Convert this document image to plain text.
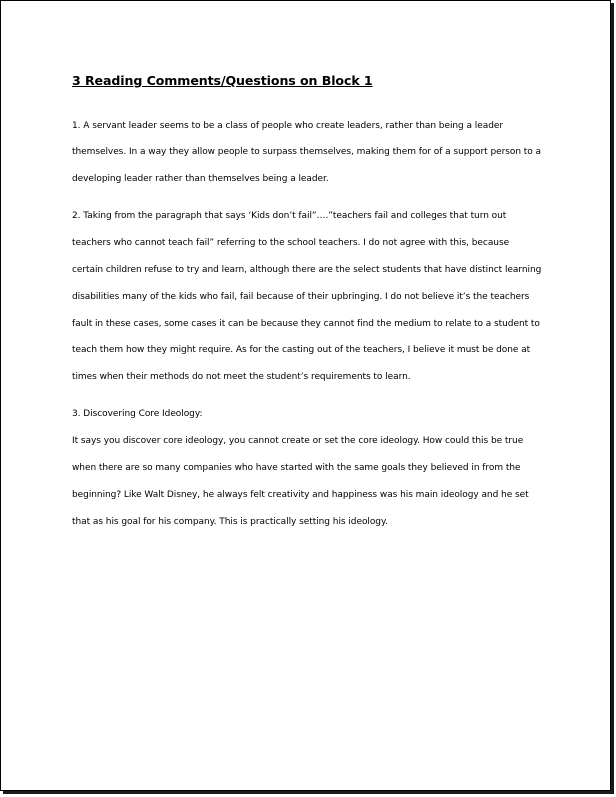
3 Reading Comments/Questions on Block 1
1. A servant leader seems to be a class of people who create leaders, rather than being a leader
themselves. In a way they allow people to surpass themselves, making them for of a support person to a
developing leader rather than themselves being a leader.
2. Taking from the paragraph that says ‘Kids don’t fail”….”teachers fail and colleges that turn out
teachers who cannot teach fail” referring to the school teachers. I do not agree with this, because
certain children refuse to try and learn, although there are the select students that have distinct learning
disabilities many of the kids who fail, fail because of their upbringing. I do not believe it’s the teachers
fault in these cases, some cases it can be because they cannot find the medium to relate to a student to
teach them how they might require. As for the casting out of the teachers, I believe it must be done at
times when their methods do not meet the student’s requirements to learn.
3. Discovering Core Ideology:
It says you discover core ideology, you cannot create or set the core ideology. How could this be true
when there are so many companies who have started with the same goals they believed in from the
beginning? Like Walt Disney, he always felt creativity and happiness was his main ideology and he set
that as his goal for his company. This is practically setting his ideology.
